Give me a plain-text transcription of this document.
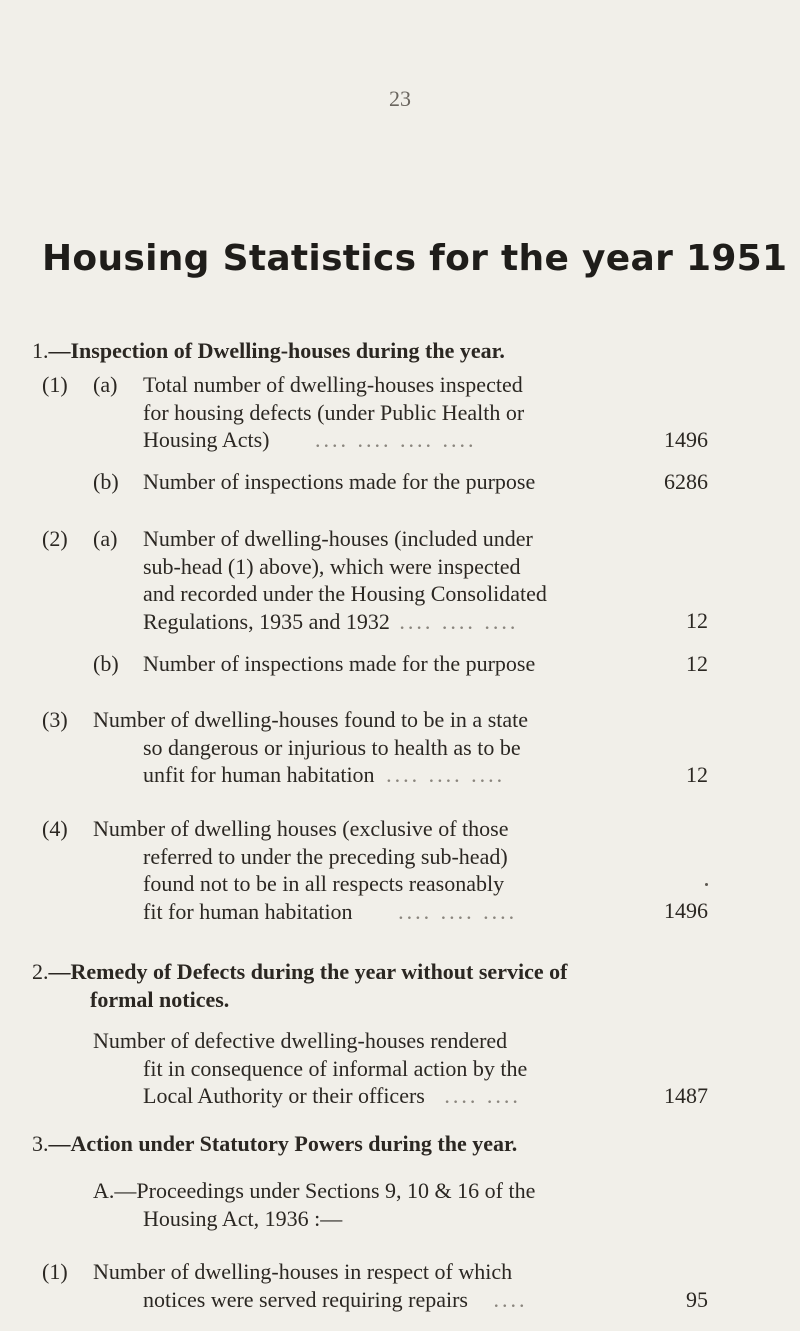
23
Housing Statistics for the year 1951
1.—Inspection of Dwelling-houses during the year.
(1) (a) Total number of dwelling-houses inspected
for housing defects (under Public Health or
Housing Acts) .... .... .... ....	1496
(b) Number of inspections made for the purpose	6286
(2) (a) Number of dwelling-houses (included under
sub-head (1) above), which were inspected
and recorded under the Housing Consolidated
Regulations, 1935 and 1932 .... .... ....	12
(b) Number of inspections made for the purpose	12
(3) Number of dwelling-houses found to be in a state
so dangerous or injurious to health as to be
unfit for human habitation .... .... ....	12
(4) Number of dwelling houses (exclusive of those
referred to under the preceding sub-head)
found not to be in all respects reasonably
fit for human habitation .... .... ....	1496
2.—Remedy of Defects during the year without service of
formal notices.
Number of defective dwelling-houses rendered
fit in consequence of informal action by the
Local Authority or their officers .... ....	1487
3.—Action under Statutory Powers during the year.
A.—Proceedings under Sections 9, 10 & 16 of the
Housing Act, 1936 :—
(1) Number of dwelling-houses in respect of which
notices were served requiring repairs ....	95
